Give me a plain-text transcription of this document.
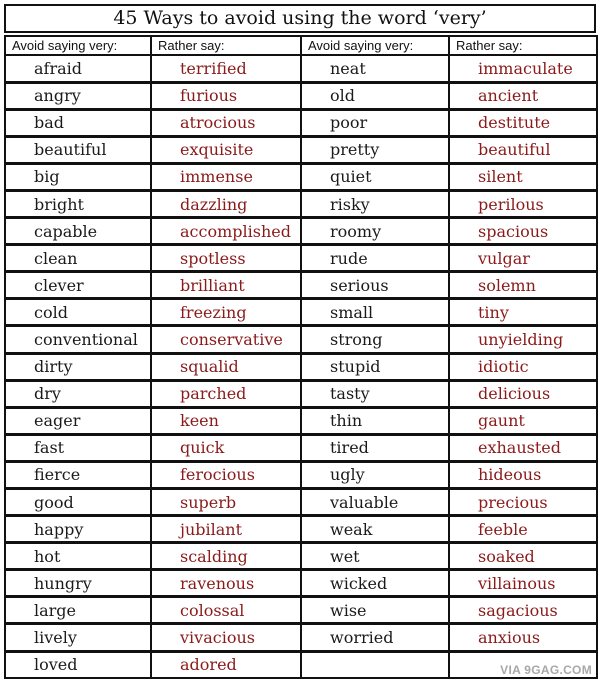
45 Ways to avoid using the word ‘very’
Avoid saying very:	Rather say:	Avoid saying very:	Rather say:
afraid	terrified	neat	immaculate
angry	furious	old	ancient
bad	atrocious	poor	destitute
beautiful	exquisite	pretty	beautiful
big	immense	quiet	silent
bright	dazzling	risky	perilous
capable	accomplished	roomy	spacious
clean	spotless	rude	vulgar
clever	brilliant	serious	solemn
cold	freezing	small	tiny
conventional	conservative	strong	unyielding
dirty	squalid	stupid	idiotic
dry	parched	tasty	delicious
eager	keen	thin	gaunt
fast	quick	tired	exhausted
fierce	ferocious	ugly	hideous
good	superb	valuable	precious
happy	jubilant	weak	feeble
hot	scalding	wet	soaked
hungry	ravenous	wicked	villainous
large	colossal	wise	sagacious
lively	vivacious	worried	anxious
loved	adored			VIA 9GAG.COM
